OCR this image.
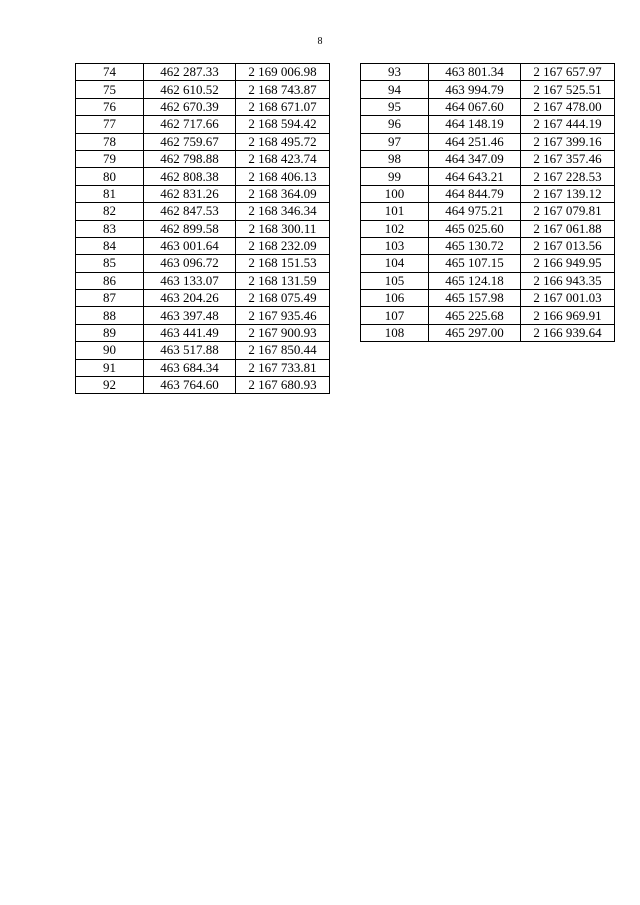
8
74	462 287.33	2 169 006.98
75	462 610.52	2 168 743.87
76	462 670.39	2 168 671.07
77	462 717.66	2 168 594.42
78	462 759.67	2 168 495.72
79	462 798.88	2 168 423.74
80	462 808.38	2 168 406.13
81	462 831.26	2 168 364.09
82	462 847.53	2 168 346.34
83	462 899.58	2 168 300.11
84	463 001.64	2 168 232.09
85	463 096.72	2 168 151.53
86	463 133.07	2 168 131.59
87	463 204.26	2 168 075.49
88	463 397.48	2 167 935.46
89	463 441.49	2 167 900.93
90	463 517.88	2 167 850.44
91	463 684.34	2 167 733.81
92	463 764.60	2 167 680.93
93	463 801.34	2 167 657.97
94	463 994.79	2 167 525.51
95	464 067.60	2 167 478.00
96	464 148.19	2 167 444.19
97	464 251.46	2 167 399.16
98	464 347.09	2 167 357.46
99	464 643.21	2 167 228.53
100	464 844.79	2 167 139.12
101	464 975.21	2 167 079.81
102	465 025.60	2 167 061.88
103	465 130.72	2 167 013.56
104	465 107.15	2 166 949.95
105	465 124.18	2 166 943.35
106	465 157.98	2 167 001.03
107	465 225.68	2 166 969.91
108	465 297.00	2 166 939.64
